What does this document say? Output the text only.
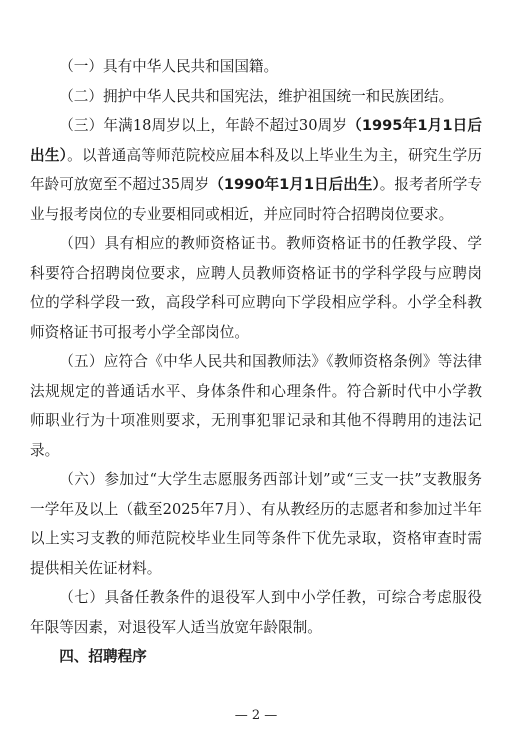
（一）具有中华人民共和国国籍。

（二）拥护中华人民共和国宪法，维护祖国统一和民族团结。

（三）年满18周岁以上，年龄不超过30周岁（1995年1月1日后出生）。以普通高等师范院校应届本科及以上毕业生为主，研究生学历年龄可放宽至不超过35周岁（1990年1月1日后出生）。报考者所学专业与报考岗位的专业要相同或相近，并应同时符合招聘岗位要求。

（四）具有相应的教师资格证书。教师资格证书的任教学段、学科要符合招聘岗位要求，应聘人员教师资格证书的学科学段与应聘岗位的学科学段一致，高段学科可应聘向下学段相应学科。小学全科教师资格证书可报考小学全部岗位。

（五）应符合《中华人民共和国教师法》《教师资格条例》等法律法规规定的普通话水平、身体条件和心理条件。符合新时代中小学教师职业行为十项准则要求，无刑事犯罪记录和其他不得聘用的违法记录。

（六）参加过“大学生志愿服务西部计划”或“三支一扶”支教服务一学年及以上（截至2025年7月）、有从教经历的志愿者和参加过半年以上实习支教的师范院校毕业生同等条件下优先录取，资格审查时需提供相关佐证材料。

（七）具备任教条件的退役军人到中小学任教，可综合考虑服役年限等因素，对退役军人适当放宽年龄限制。

四、招聘程序

— 2 —
